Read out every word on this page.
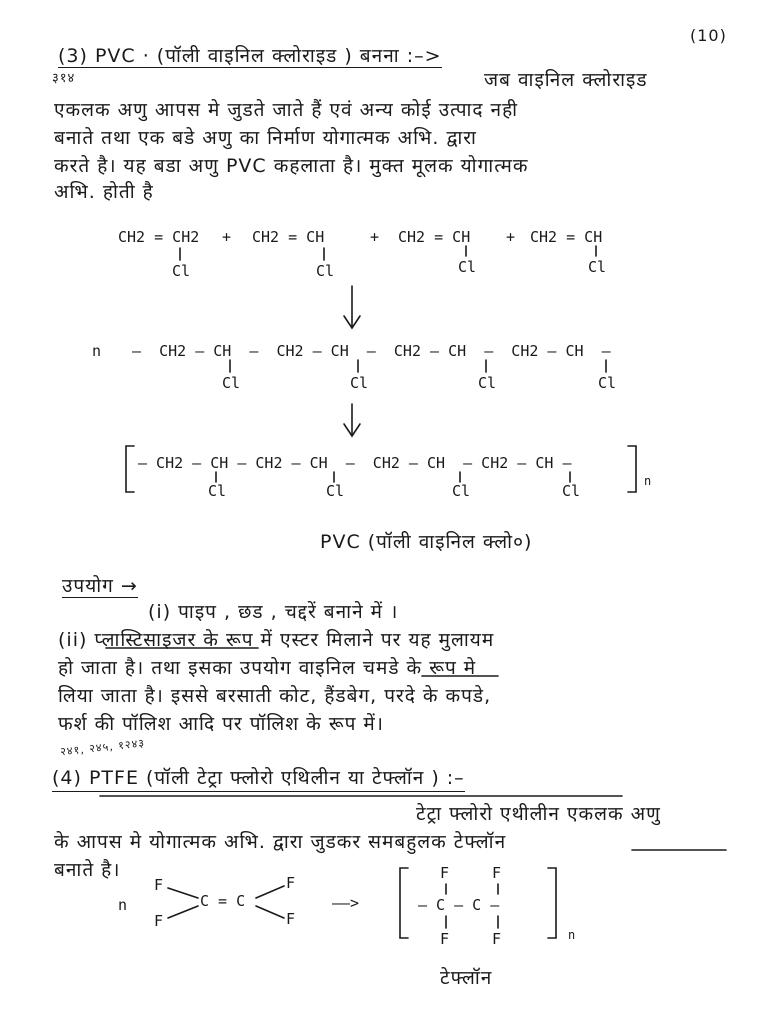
(10)
(3) PVC · (पॉली वाइनिल क्लोराइड ) बनना :–>
३१४	जब वाइनिल क्लोराइड
एकलक अणु आपस मे जुडते जाते हैं एवं अन्य कोई उत्पाद नही
बनाते तथा एक बडे अणु का निर्माण योगात्मक अभि. द्वारा
करते है। यह बडा अणु PVC कहलाता है। मुक्त मूलक योगात्मक
अभि. होती है
CH2 = CH2 + CH2 = CH	+ CH2 = CH + CH2 = CH
Cl	Cl	Cl	Cl
n –  CH2 – CH  –  CH2 – CH  –  CH2 – CH  –  CH2 – CH  –
Cl	Cl	Cl	Cl
– CH2 – CH – CH2 – CH  –  CH2 – CH  – CH2 – CH –
n
Cl	Cl	Cl	Cl
PVC (पॉली वाइनिल क्लो०)
उपयोग →
(i) पाइप , छड , चद्दरें बनाने में ।
(ii) प्लास्टिसाइजर के रूप में एस्टर मिलाने पर यह मुलायम
हो जाता है। तथा इसका उपयोग वाइनिल चमडे के रूप मे
लिया जाता है। इससे बरसाती कोट, हैंडबेग, परदे के कपडे,
फर्श की पॉलिश आदि पर पॉलिश के रूप में।
२४१, २४५, १२४३
(4) PTFE (पॉली टेट्रा फ्लोरो एथिलीन या टेफ्लॉन ) :–
टेट्रा फ्लोरो एथीलीन एकलक अणु
के आपस मे योगात्मक अभि. द्वारा जुडकर समबहुलक टेफ्लॉन
बनाते है।
n
F
F
C = C
F
F
——>
F	F
– C – C –
F	F	n
टेफ्लॉन
